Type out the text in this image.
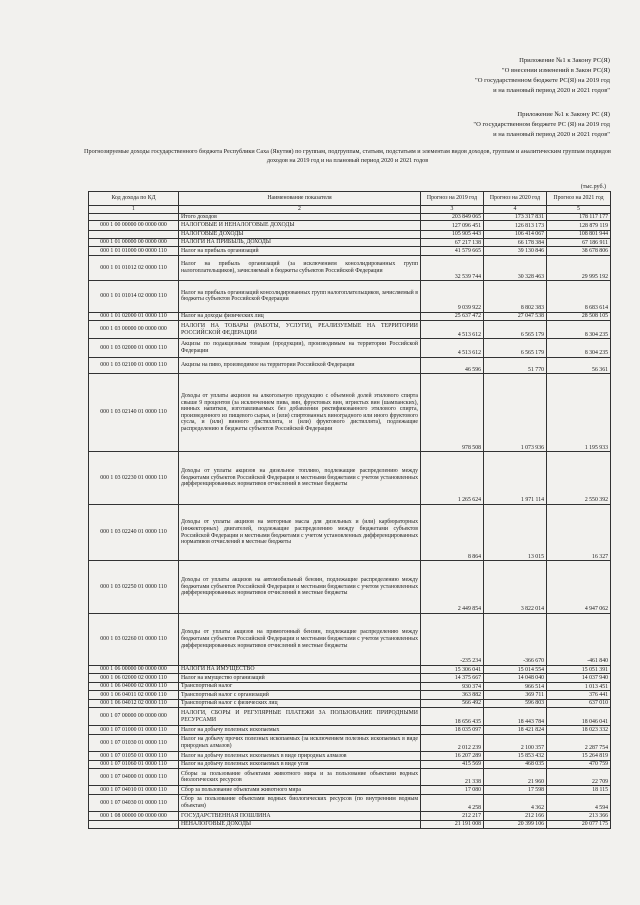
Приложение №1 к Закону РС(Я)
"О внесении изменений в Закон РС(Я)
"О государственном бюджете РС(Я) на 2019 год
и на плановый период 2020 и 2021 годов"
Приложение №1 к Закону РС (Я)
"О государственном бюджете РС (Я) на 2019 год
и на плановый период 2020 и 2021 годов"
Прогнозируемые доходы государственного бюджета Республики Саха (Якутия) по группам, подгруппам, статьям, подстатьям и элементам видов доходов, группам и аналитическим группам подвидов доходов на 2019 год и на плановый период 2020 и 2021 годов
(тыс.руб.)
Код дохода по КД	Наименование показателя	Прогноз на 2019 год	Прогноз на 2020 год	Прогноз на 2021 год
1	2	3	4	5
	Итого доходов	203 849 065	173 317 831	178 117 177
000 1 00 00000 00 0000 000	НАЛОГОВЫЕ И НЕНАЛОГОВЫЕ ДОХОДЫ	127 096 451	126 813 173	128 879 119
	НАЛОГОВЫЕ ДОХОДЫ	105 905 443	106 414 067	108 801 944
000 1 01 00000 00 0000 000	НАЛОГИ НА ПРИБЫЛЬ, ДОХОДЫ	67 217 138	66 178 384	67 186 911
000 1 01 01000 00 0000 110	Налог на прибыль организаций	41 579 665	39 130 846	38 678 806
000 1 01 01012 02 0000 110	Налог на прибыль организаций (за исключением консолидированных групп налогоплательщиков), зачисляемый в бюджеты субъектов Российской Федерации	32 539 744	30 328 463	29 995 192
000 1 01 01014 02 0000 110	Налог на прибыль организаций консолидированных групп налогоплательщиков, зачисляемый в бюджеты субъектов Российской Федерации	9 039 922	8 802 383	8 683 614
000 1 01 02000 01 0000 110	Налог на доходы физических лиц	25 637 472	27 047 538	28 508 105
000 1 03 00000 00 0000 000	НАЛОГИ НА ТОВАРЫ (РАБОТЫ, УСЛУГИ), РЕАЛИЗУЕМЫЕ НА ТЕРРИТОРИИ РОССИЙСКОЙ ФЕДЕРАЦИИ	4 513 612	6 565 179	8 304 235
000 1 03 02000 01 0000 110	Акцизы по подакцизным товарам (продукции), производимым на территории Российской Федерации	4 513 612	6 565 179	8 304 235
000 1 03 02100 01 0000 110	Акцизы на пиво, производимое на территории Российской Федерации	46 596	51 770	56 361
000 1 03 02140 01 0000 110	Доходы от уплаты акцизов на алкогольную продукцию с объемной долей этилового спирта свыше 9 процентов (за исключением пива, вин, фруктовых вин, игристых вин (шампанских), винных напитков, изготавливаемых без добавления ректификованного этилового спирта, произведенного из пищевого сырья, и (или) спиртованных виноградного или иного фруктового сусла, и (или) винного дистиллята, и (или) фруктового дистиллята), подлежащие распределению в бюджеты субъектов Российской Федерации	978 508	1 073 936	1 195 933
000 1 03 02230 01 0000 110	Доходы от уплаты акцизов на дизельное топливо, подлежащие распределению между бюджетами субъектов Российской Федерации и местными бюджетами с учетом установленных дифференцированных нормативов отчислений в местные бюджеты	1 265 624	1 971 114	2 550 392
000 1 03 02240 01 0000 110	Доходы от уплаты акцизов на моторные масла для дизельных и (или) карбюраторных (инжекторных) двигателей, подлежащие распределению между бюджетами субъектов Российской Федерации и местными бюджетами с учетом установленных дифференцированных нормативов отчислений в местные бюджеты	8 864	13 015	16 327
000 1 03 02250 01 0000 110	Доходы от уплаты акцизов на автомобильный бензин, подлежащие распределению между бюджетами субъектов Российской Федерации и местными бюджетами с учетом установленных дифференцированных нормативов отчислений в местные бюджеты	2 449 854	3 822 014	4 947 062
000 1 03 02260 01 0000 110	Доходы от уплаты акцизов на прямогонный бензин, подлежащие распределению между бюджетами субъектов Российской Федерации и местными бюджетами с учетом установленных дифференцированных нормативов отчислений в местные бюджеты	-235 234	-366 670	-461 840
000 1 06 00000 00 0000 000	НАЛОГИ НА ИМУЩЕСТВО	15 306 041	15 014 554	15 051 391
000 1 06 02000 02 0000 110	Налог на имущество организаций	14 375 667	14 048 040	14 037 940
000 1 06 04000 02 0000 110	Транспортный налог	930 374	966 514	1 013 451
000 1 06 04011 02 0000 110	Транспортный налог с организаций	363 882	369 711	376 441
000 1 06 04012 02 0000 110	Транспортный налог с физических лиц	566 492	596 803	637 010
000 1 07 00000 00 0000 000	НАЛОГИ, СБОРЫ И РЕГУЛЯРНЫЕ ПЛАТЕЖИ ЗА ПОЛЬЗОВАНИЕ ПРИРОДНЫМИ РЕСУРСАМИ	18 656 435	18 443 784	18 046 041
000 1 07 01000 01 0000 110	Налог на добычу полезных ископаемых	18 035 097	18 421 824	18 023 332
000 1 07 01030 01 0000 110	Налог на добычу прочих полезных ископаемых (за исключением полезных ископаемых в виде природных алмазов)	2 012 239	2 100 357	2 287 754
000 1 07 01050 01 0000 110	Налог на добычу полезных ископаемых в виде природных алмазов	16 207 289	15 853 432	15 264 819
000 1 07 01060 01 0000 110	Налог на добычу полезных ископаемых в виде угля	415 569	468 035	470 759
000 1 07 04000 01 0000 110	Сборы за пользование объектами животного мира и за пользование объектами водных биологических ресурсов	21 338	21 960	22 709
000 1 07 04010 01 0000 110	Сбор за пользование объектами животного мира	17 080	17 598	18 115
000 1 07 04030 01 0000 110	Сбор за пользование объектами водных биологических ресурсов (по внутренним водным объектам)	4 258	4 362	4 594
000 1 08 00000 00 0000 000	ГОСУДАРСТВЕННАЯ ПОШЛИНА	212 217	212 166	213 366
	НЕНАЛОГОВЫЕ ДОХОДЫ	21 191 008	20 399 106	20 077 175
